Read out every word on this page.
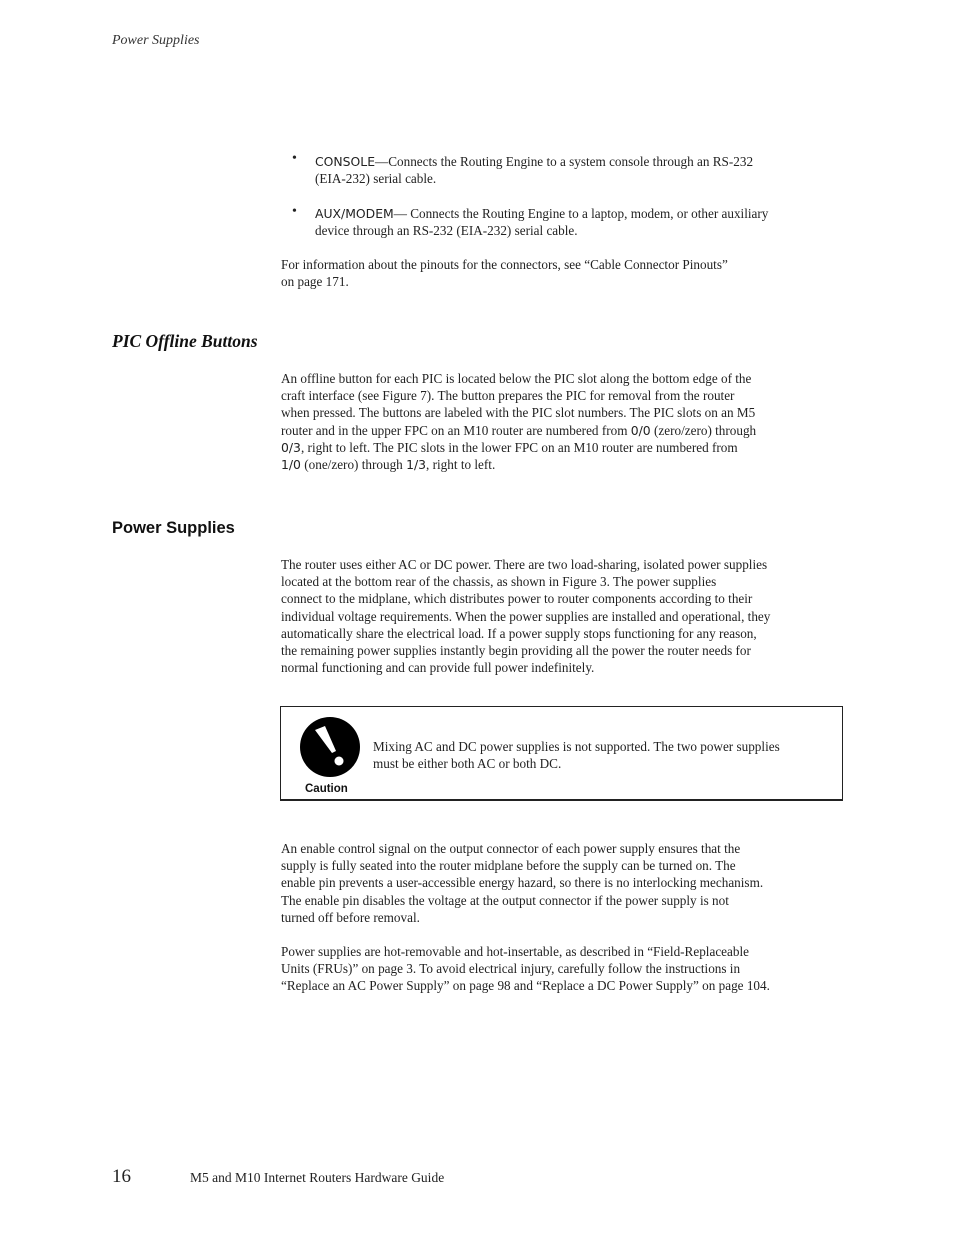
Power Supplies
• CONSOLE—Connects the Routing Engine to a system console through an RS-232
(EIA-232) serial cable.
• AUX/MODEM— Connects the Routing Engine to a laptop, modem, or other auxiliary
device through an RS-232 (EIA-232) serial cable.
For information about the pinouts for the connectors, see “Cable Connector Pinouts”
on page 171.
PIC Offline Buttons
An offline button for each PIC is located below the PIC slot along the bottom edge of the
craft interface (see Figure 7). The button prepares the PIC for removal from the router
when pressed. The buttons are labeled with the PIC slot numbers. The PIC slots on an M5
router and in the upper FPC on an M10 router are numbered from 0/0 (zero/zero) through
0/3, right to left. The PIC slots in the lower FPC on an M10 router are numbered from
1/0 (one/zero) through 1/3, right to left.
Power Supplies
The router uses either AC or DC power. There are two load-sharing, isolated power supplies
located at the bottom rear of the chassis, as shown in Figure 3. The power supplies
connect to the midplane, which distributes power to router components according to their
individual voltage requirements. When the power supplies are installed and operational, they
automatically share the electrical load. If a power supply stops functioning for any reason,
the remaining power supplies instantly begin providing all the power the router needs for
normal functioning and can provide full power indefinitely.
Caution
Mixing AC and DC power supplies is not supported. The two power supplies
must be either both AC or both DC.
An enable control signal on the output connector of each power supply ensures that the
supply is fully seated into the router midplane before the supply can be turned on. The
enable pin prevents a user-accessible energy hazard, so there is no interlocking mechanism.
The enable pin disables the voltage at the output connector if the power supply is not
turned off before removal.
Power supplies are hot-removable and hot-insertable, as described in “Field-Replaceable
Units (FRUs)” on page 3. To avoid electrical injury, carefully follow the instructions in
“Replace an AC Power Supply” on page 98 and “Replace a DC Power Supply” on page 104.
16	M5 and M10 Internet Routers Hardware Guide
